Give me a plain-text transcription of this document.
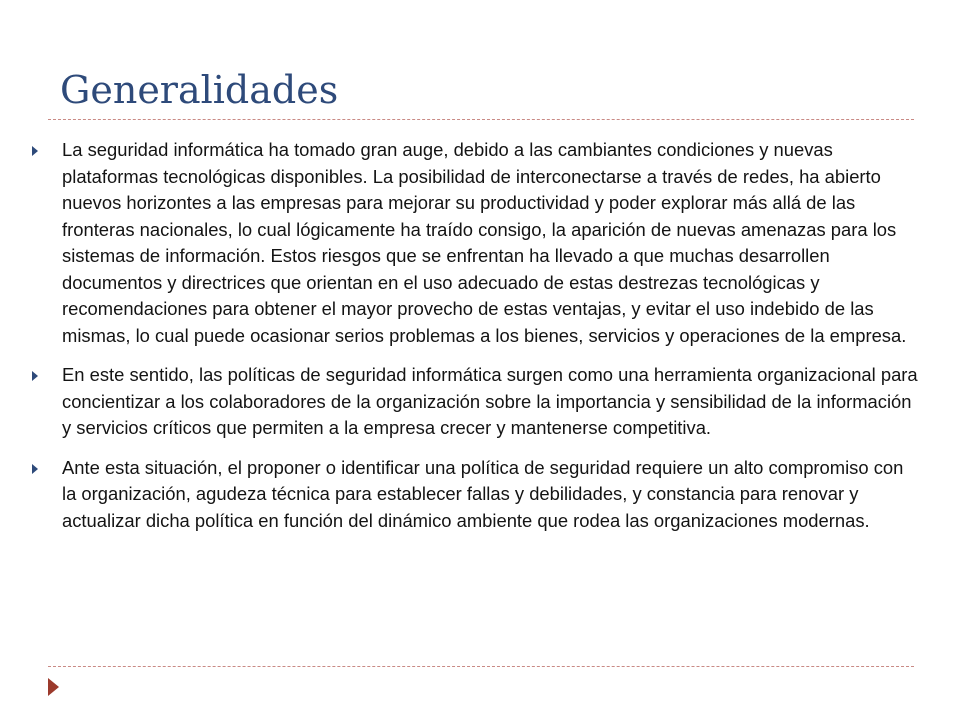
Generalidades
La seguridad informática ha tomado gran auge, debido a las cambiantes condiciones y nuevas plataformas tecnológicas disponibles. La posibilidad de interconectarse a través de redes, ha abierto nuevos horizontes a las empresas para mejorar su productividad y poder explorar más allá de las fronteras nacionales, lo cual lógicamente ha traído consigo, la aparición de nuevas amenazas para los sistemas de información. Estos riesgos que se enfrentan ha llevado a que muchas desarrollen documentos y directrices que orientan en el uso adecuado de estas destrezas tecnológicas y recomendaciones para obtener el mayor provecho de estas ventajas, y evitar el uso indebido de las mismas, lo cual puede ocasionar serios problemas a los bienes, servicios y operaciones de la empresa.
En este sentido, las políticas de seguridad informática surgen como una herramienta organizacional para concientizar a los colaboradores de la organización sobre la importancia y sensibilidad de la información y servicios críticos que permiten a la empresa crecer y mantenerse competitiva.
Ante esta situación, el proponer o identificar una política de seguridad requiere un alto compromiso con la organización, agudeza técnica para establecer fallas y debilidades, y constancia para renovar y actualizar dicha política en función del dinámico ambiente que rodea las organizaciones modernas.
